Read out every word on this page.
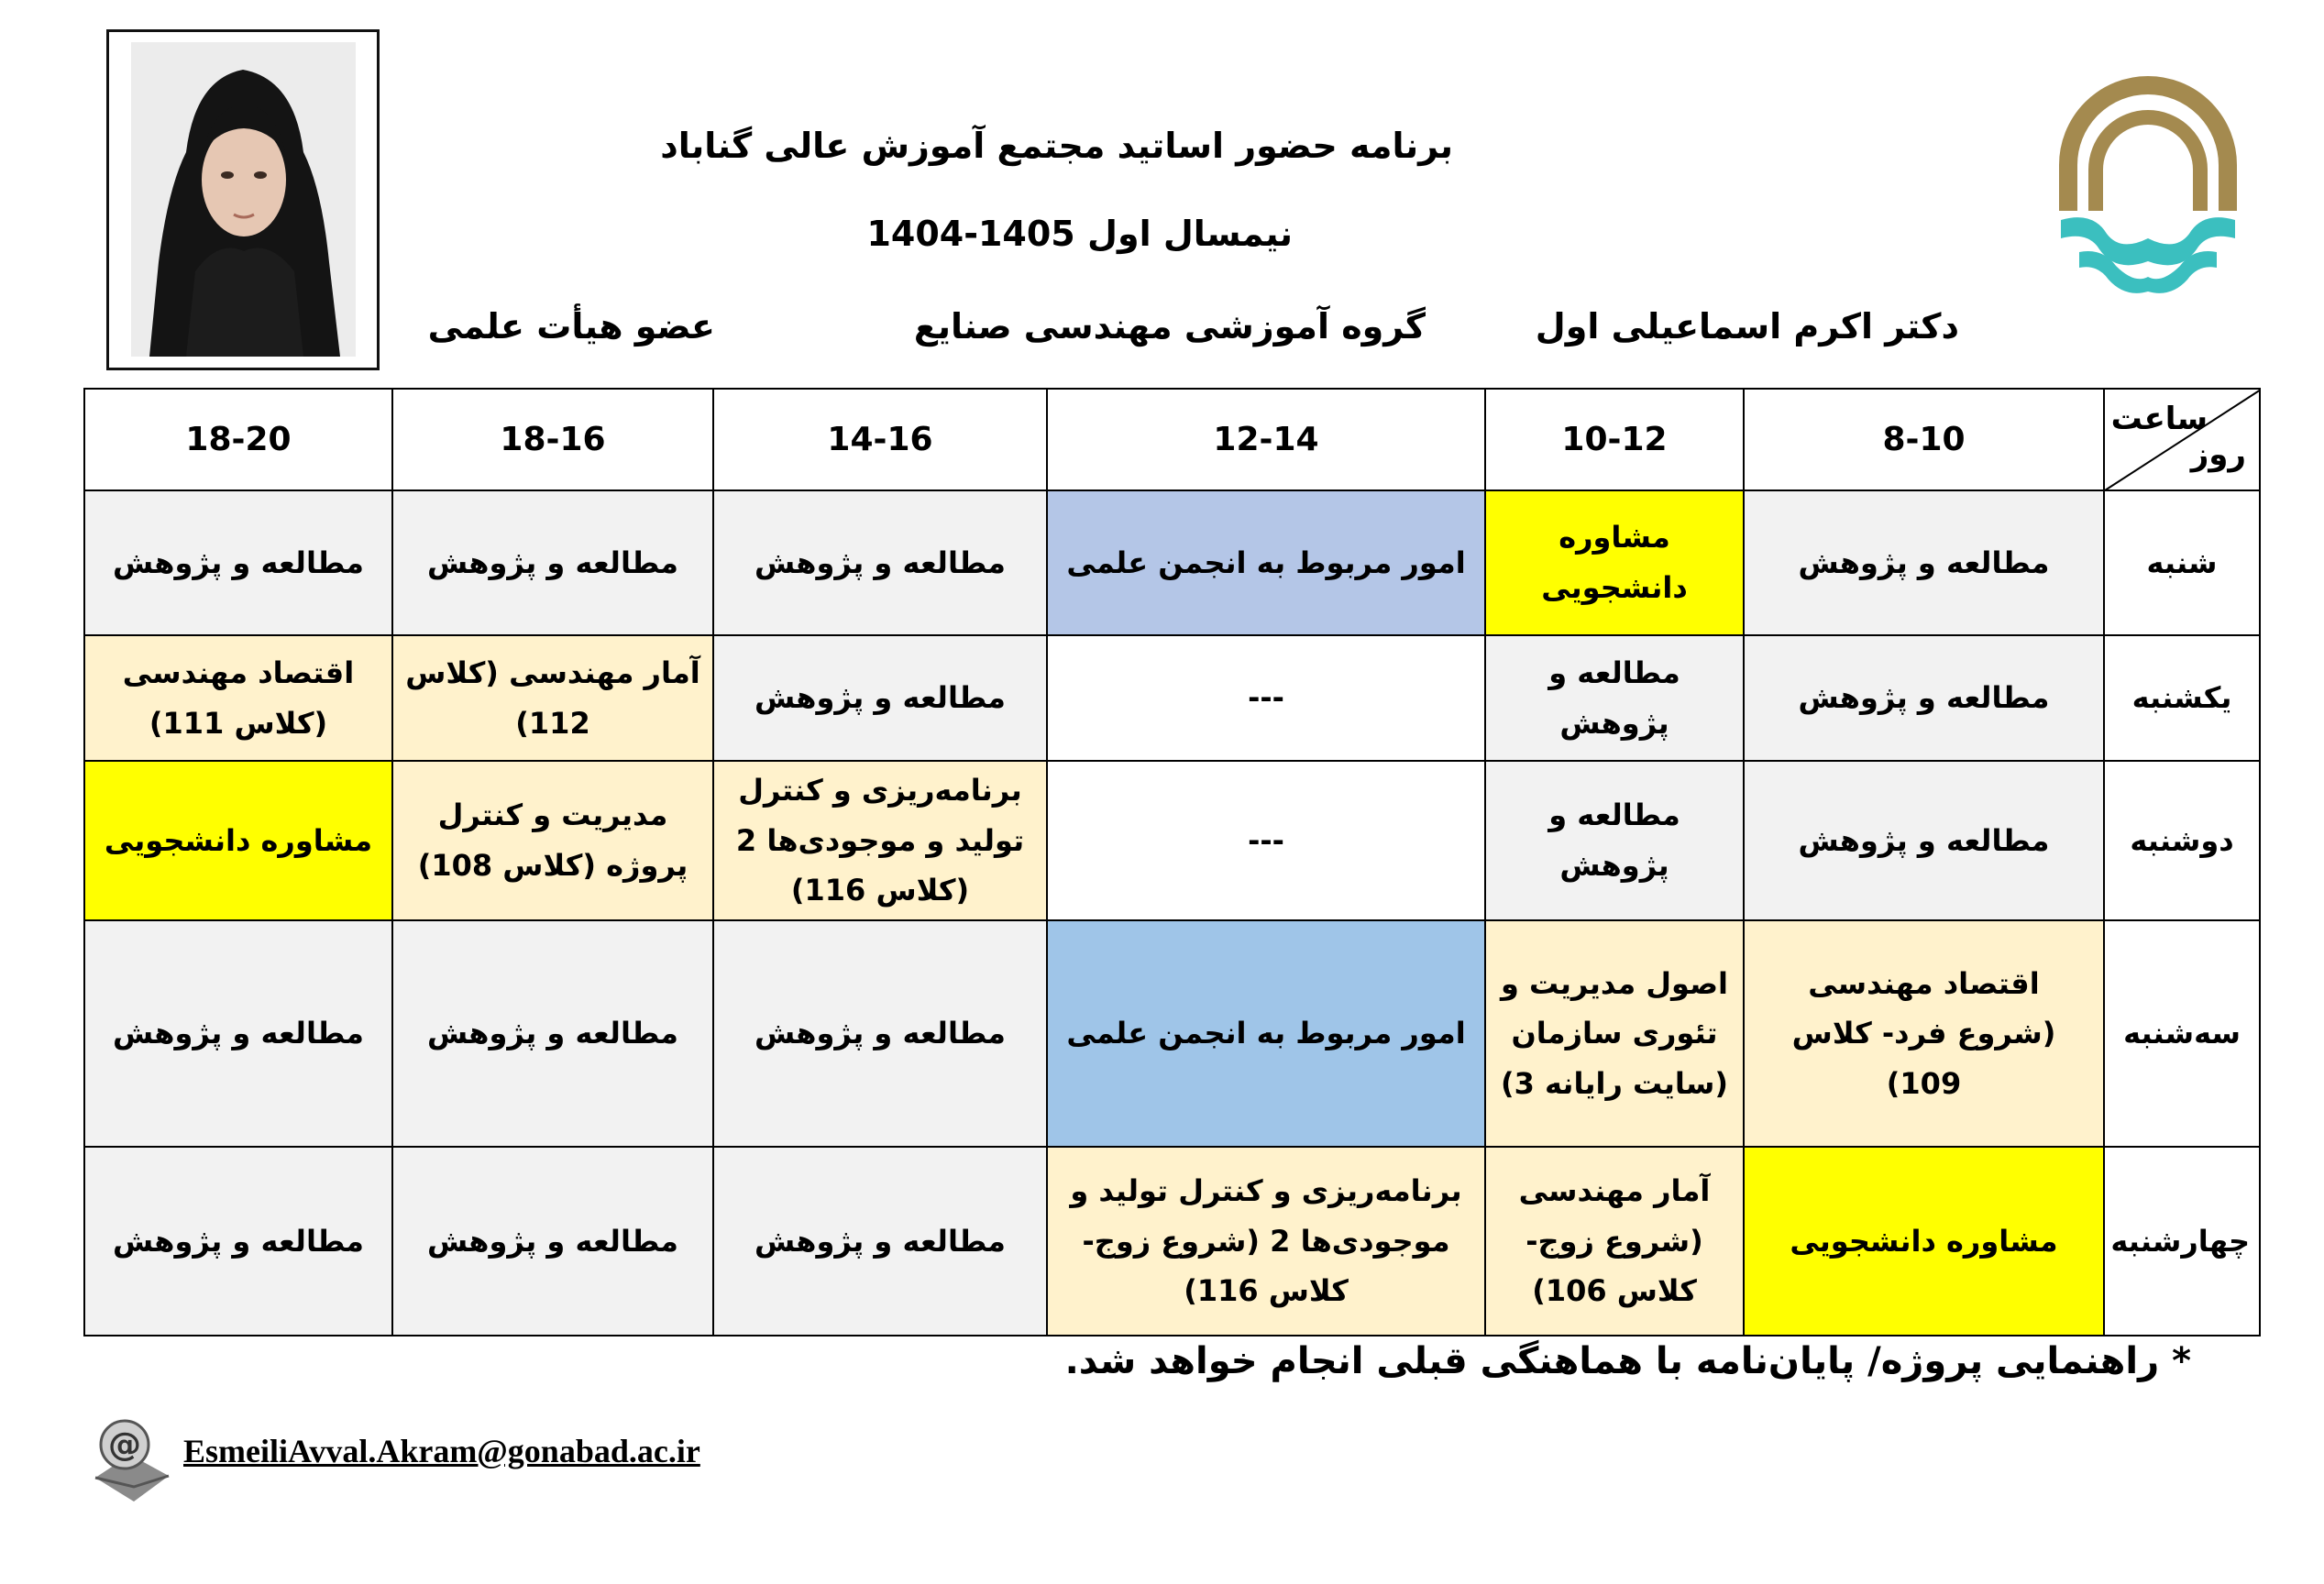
برنامه حضور اساتید مجتمع آموزش عالی گناباد
نیمسال اول 1405-1404
دکتر اکرم اسماعیلی اول
گروه آموزشی مهندسی صنایع
عضو هیأت علمی
ساعت
روز	8-10	10-12	12-14	14-16	18-16	18-20
شنبه	مطالعه و پژوهش	مشاوره دانشجویی	امور مربوط به انجمن علمی	مطالعه و پژوهش	مطالعه و پژوهش	مطالعه و پژوهش
یکشنبه	مطالعه و پژوهش	مطالعه و پژوهش	---	مطالعه و پژوهش	آمار مهندسی (کلاس 112)	اقتصاد مهندسی (کلاس 111)
دوشنبه	مطالعه و پژوهش	مطالعه و پژوهش	---	برنامه‌ریزی و کنترل تولید و موجودی‌ها 2 (کلاس 116)	مدیریت و کنترل پروژه (کلاس 108)	مشاوره دانشجویی
سه‌شنبه	اقتصاد مهندسی (شروع فرد- کلاس 109)	اصول مدیریت و تئوری سازمان (سایت رایانه 3)	امور مربوط به انجمن علمی	مطالعه و پژوهش	مطالعه و پژوهش	مطالعه و پژوهش
چهارشنبه	مشاوره دانشجویی	آمار مهندسی (شروع زوج- کلاس 106)	برنامه‌ریزی و کنترل تولید و موجودی‌ها 2 (شروع زوج-کلاس 116)	مطالعه و پژوهش	مطالعه و پژوهش	مطالعه و پژوهش
* راهنمایی پروژه/ پایان‌نامه با هماهنگی قبلی انجام خواهد شد.
@ EsmeiliAvval.Akram@gonabad.ac.ir
